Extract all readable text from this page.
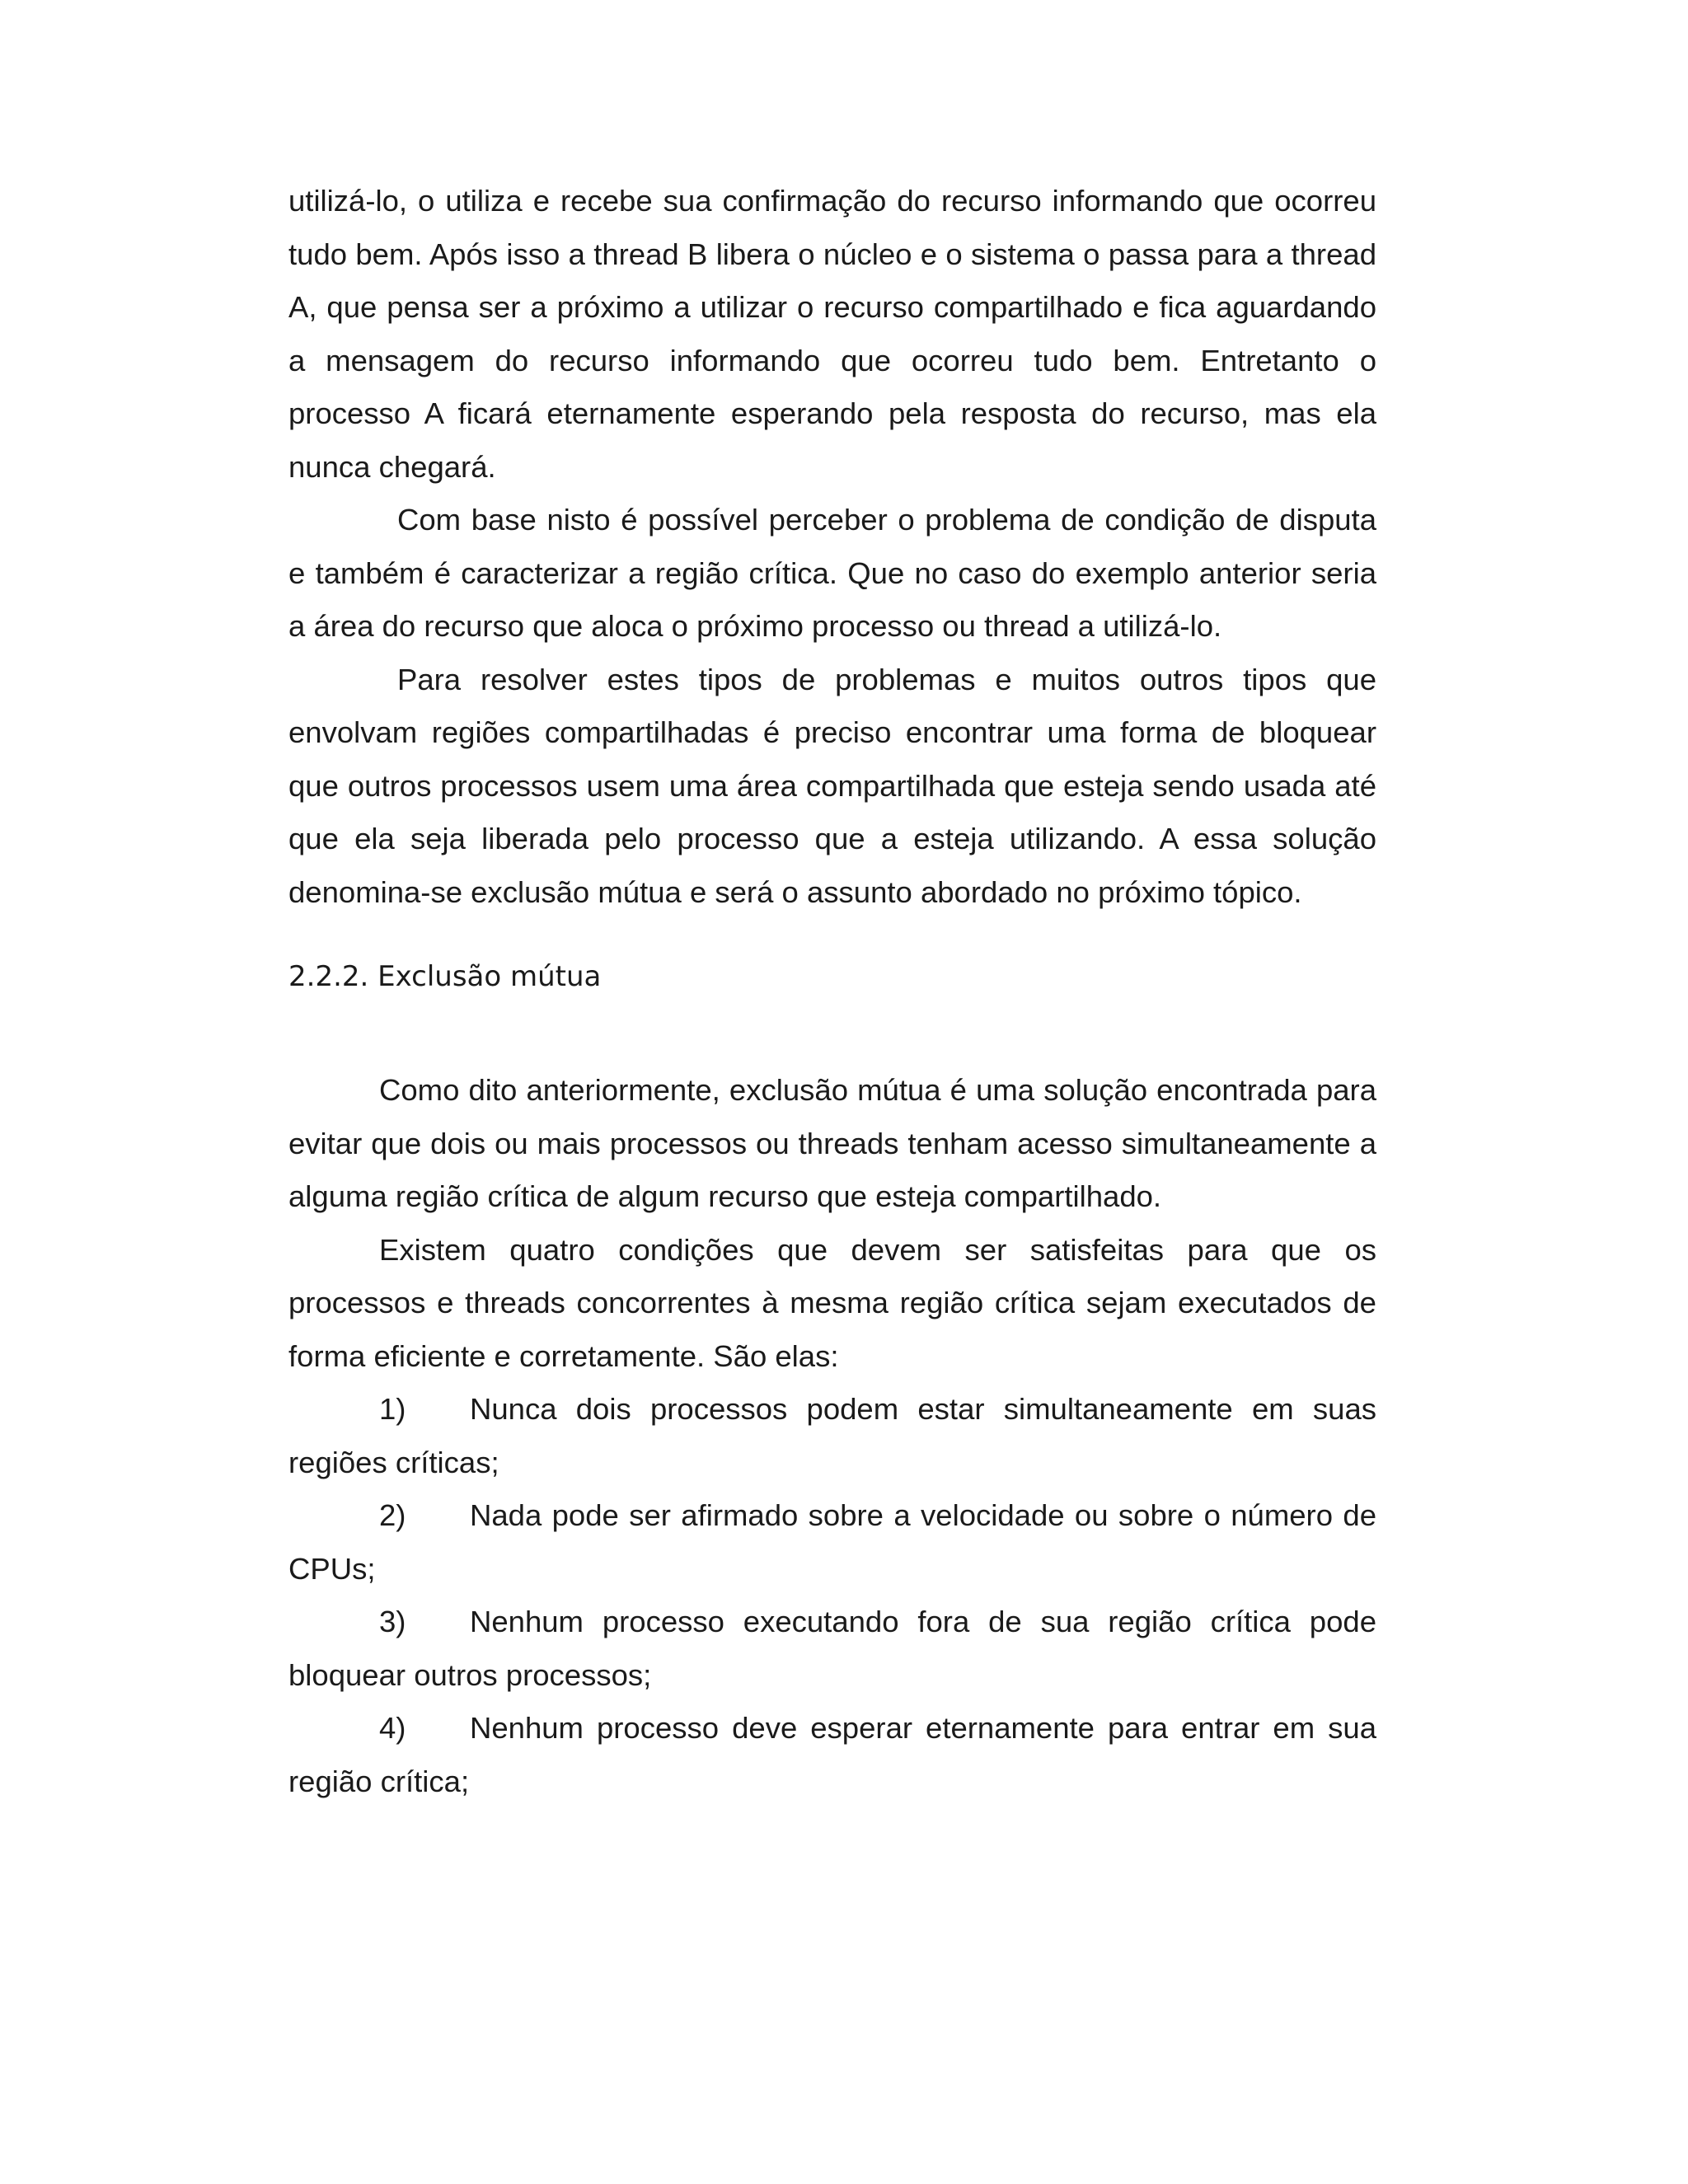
utilizá-lo, o utiliza e recebe sua confirmação do recurso informando que ocorreu tudo bem. Após isso a thread B libera o núcleo e o sistema o passa para a thread A, que pensa ser a próximo a utilizar o recurso compartilhado e fica aguardando a mensagem do recurso informando que ocorreu tudo bem. Entretanto o processo A ficará eternamente esperando pela resposta do recurso, mas ela nunca chegará.

Com base nisto é possível perceber o problema de condição de disputa e também é caracterizar a região crítica. Que no caso do exemplo anterior seria a área do recurso que aloca o próximo processo ou thread a utilizá-lo.

Para resolver estes tipos de problemas e muitos outros tipos que envolvam regiões compartilhadas é preciso encontrar uma forma de bloquear que outros processos usem uma área compartilhada que esteja sendo usada até que ela seja liberada pelo processo que a esteja utilizando. A essa solução denomina-se exclusão mútua e será o assunto abordado no próximo tópico.

2.2.2. Exclusão mútua

Como dito anteriormente, exclusão mútua é uma solução encontrada para evitar que dois ou mais processos ou threads tenham acesso simultaneamente a alguma região crítica de algum recurso que esteja compartilhado.

Existem quatro condições que devem ser satisfeitas para que os processos e threads concorrentes à mesma região crítica sejam executados de forma eficiente e corretamente. São elas:

1) Nunca dois processos podem estar simultaneamente em suas regiões críticas;

2) Nada pode ser afirmado sobre a velocidade ou sobre o número de CPUs;

3) Nenhum processo executando fora de sua região crítica pode bloquear outros processos;

4) Nenhum processo deve esperar eternamente para entrar em sua região crítica;
